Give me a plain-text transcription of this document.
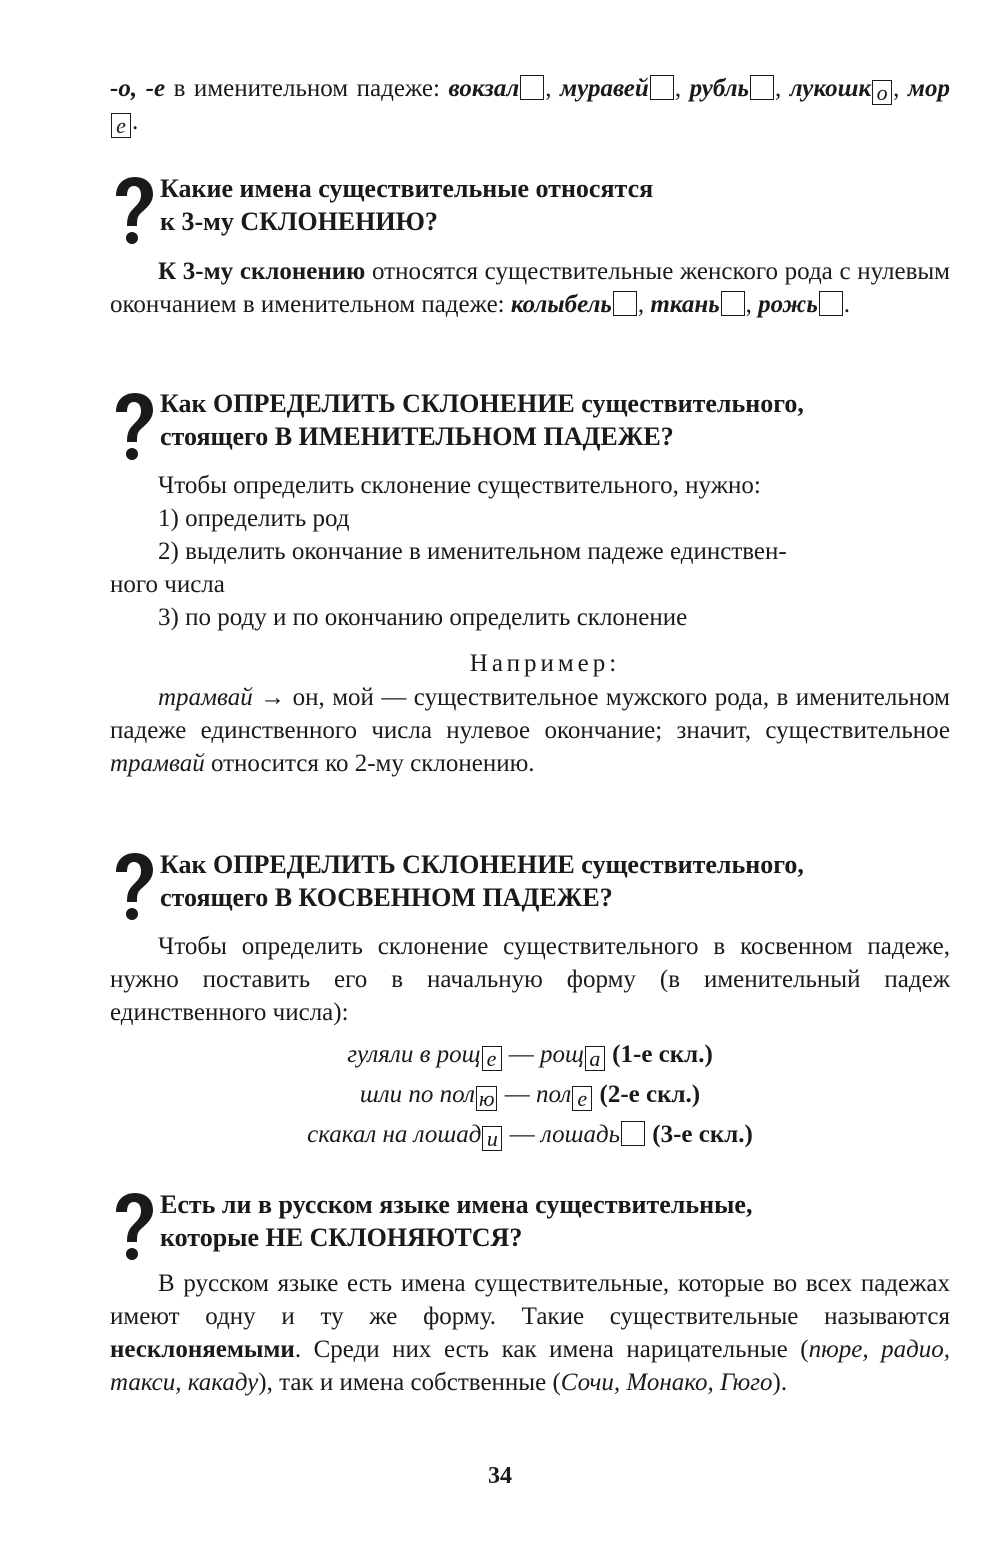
-о, -е в именительном падеже: вокзал , муравей , рубль , лукошк о , море .
Какие имена существительные относятся
к 3-му СКЛОНЕНИЮ?
К 3-му склонению относятся существительные женского рода с нулевым окончанием в именительном падеже: колыбель , ткань , рожь .
Как ОПРЕДЕЛИТЬ СКЛОНЕНИЕ существительного,
стоящего В ИМЕНИТЕЛЬНОМ ПАДЕЖЕ?
Чтобы определить склонение существительного, нужно:
1) определить род
2) выделить окончание в именительном падеже единствен-
ного числа
3) по роду и по окончанию определить склонение
Например:
трамвай → он, мой — существительное мужского рода, в именительном падеже единственного числа нулевое окончание; значит, существительное трамвай относится ко 2-му склонению.
Как ОПРЕДЕЛИТЬ СКЛОНЕНИЕ существительного,
стоящего В КОСВЕННОМ ПАДЕЖЕ?
Чтобы определить склонение существительного в косвенном падеже, нужно поставить его в начальную форму (в именительный падеж единственного числа):
гуляли в рощ е — рощ а (1-е скл.)
шли по пол ю — пол е (2-е скл.)
скакал на лошад и — лошадь (3-е скл.)
Есть ли в русском языке имена существительные,
которые НЕ СКЛОНЯЮТСЯ?
В русском языке есть имена существительные, которые во всех падежах имеют одну и ту же форму. Такие существительные называются несклоняемыми. Среди них есть как имена нарицательные (пюре, радио, такси, какаду), так и имена собственные (Сочи, Монако, Гюго).
34
